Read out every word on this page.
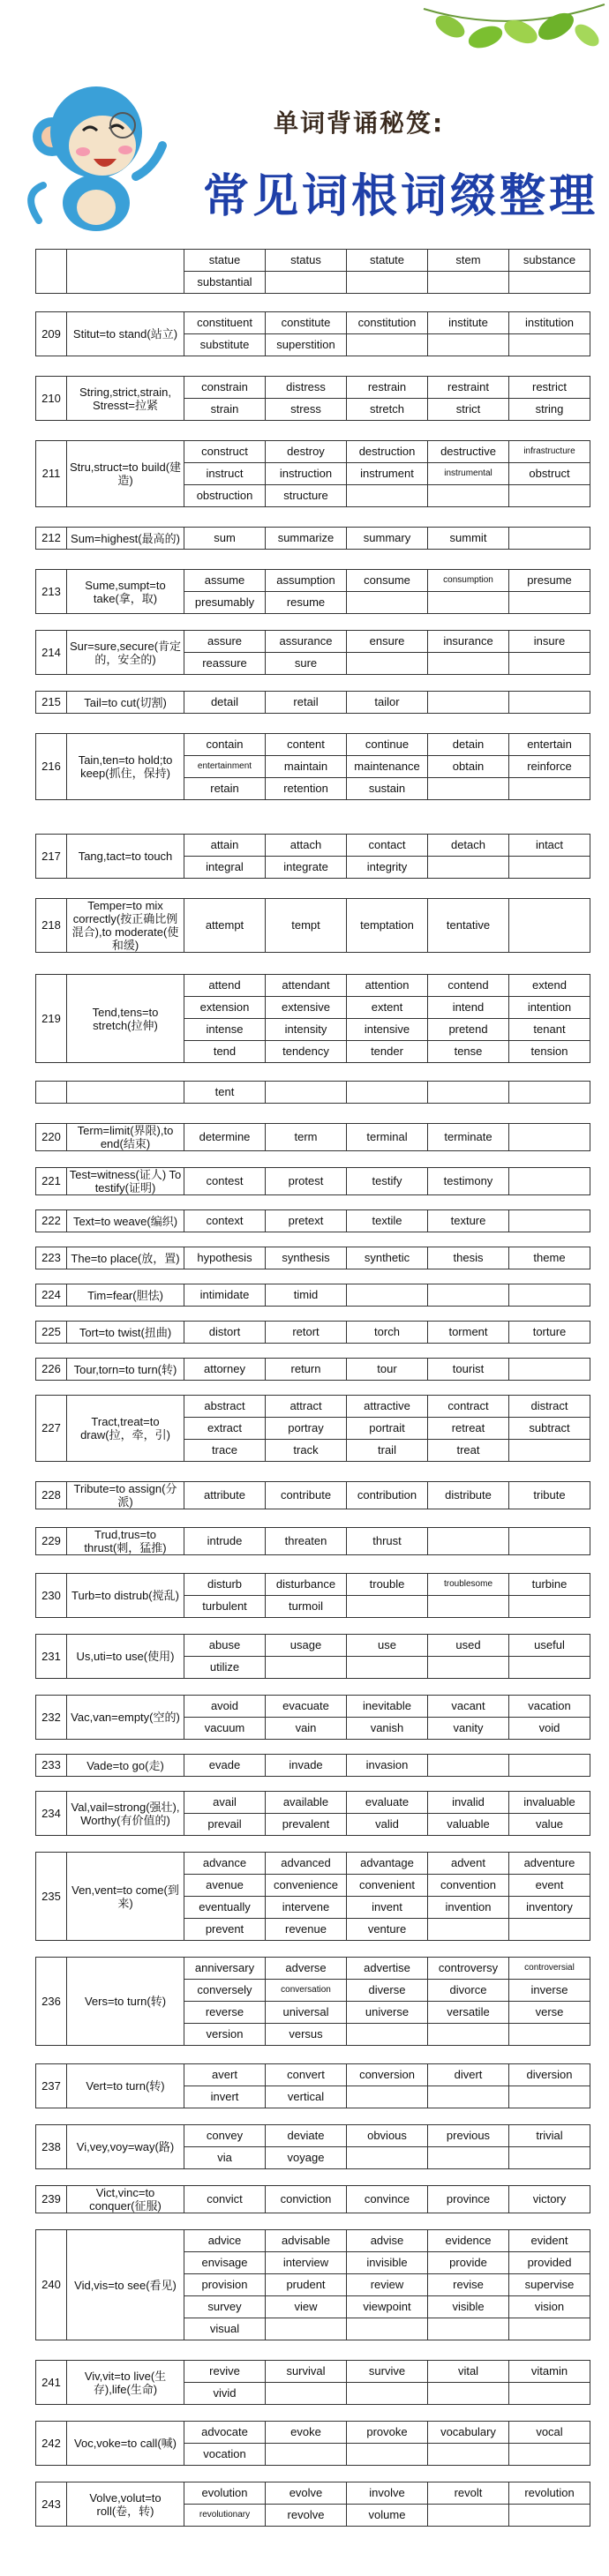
单词背诵秘笈:
常见词根词缀整理
		statue	status	statute	stem	substance
		substantial				
209	Stitut=to stand(站立)	constituent	constitute	constitution	institute	institution
		substitute	superstition			
210	String,strict,strain, Stresst=拉紧	constrain	distress	restrain	restraint	restrict
		strain	stress	stretch	strict	string
211	Stru,struct=to build(建造)	construct	destroy	destruction	destructive	infrastructure
		instruct	instruction	instrument	instrumental	obstruct
		obstruction	structure			
212	Sum=highest(最高的)	sum	summarize	summary	summit	
213	Sume,sumpt=to take(拿，取)	assume	assumption	consume	consumption	presume
		presumably	resume			
214	Sur=sure,secure(肯定的，安全的)	assure	assurance	ensure	insurance	insure
		reassure	sure			
215	Tail=to cut(切割)	detail	retail	tailor		
216	Tain,ten=to hold;to keep(抓住，保持)	contain	content	continue	detain	entertain
		entertainment	maintain	maintenance	obtain	reinforce
		retain	retention	sustain		
217	Tang,tact=to touch	attain	attach	contact	detach	intact
		integral	integrate	integrity		
218	Temper=to mix correctly(按正确比例混合),to moderate(使和缓)	attempt	tempt	temptation	tentative	
219	Tend,tens=to stretch(拉伸)	attend	attendant	attention	contend	extend
		extension	extensive	extent	intend	intention
		intense	intensity	intensive	pretend	tenant
		tend	tendency	tender	tense	tension
		tent				
220	Term=limit(界限),to end(结束)	determine	term	terminal	terminate	
221	Test=witness(证人) To testify(证明)	contest	protest	testify	testimony	
222	Text=to weave(编织)	context	pretext	textile	texture	
223	The=to place(放，置)	hypothesis	synthesis	synthetic	thesis	theme
224	Tim=fear(胆怯)	intimidate	timid			
225	Tort=to twist(扭曲)	distort	retort	torch	torment	torture
226	Tour,torn=to turn(转)	attorney	return	tour	tourist	
227	Tract,treat=to draw(拉，牵，引)	abstract	attract	attractive	contract	distract
		extract	portray	portrait	retreat	subtract
		trace	track	trail	treat	
228	Tribute=to assign(分派)	attribute	contribute	contribution	distribute	tribute
229	Trud,trus=to thrust(刺，猛推)	intrude	threaten	thrust		
230	Turb=to distrub(搅乱)	disturb	disturbance	trouble	troublesome	turbine
		turbulent	turmoil			
231	Us,uti=to use(使用)	abuse	usage	use	used	useful
		utilize				
232	Vac,van=empty(空的)	avoid	evacuate	inevitable	vacant	vacation
		vacuum	vain	vanish	vanity	void
233	Vade=to go(走)	evade	invade	invasion		
234	Val,vail=strong(强壮), Worthy(有价值的)	avail	available	evaluate	invalid	invaluable
		prevail	prevalent	valid	valuable	value
235	Ven,vent=to come(到来)	advance	advanced	advantage	advent	adventure
		avenue	convenience	convenient	convention	event
		eventually	intervene	invent	invention	inventory
		prevent	revenue	venture		
236	Vers=to turn(转)	anniversary	adverse	advertise	controversy	controversial
		conversely	conversation	diverse	divorce	inverse
		reverse	universal	universe	versatile	verse
		version	versus			
237	Vert=to turn(转)	avert	convert	conversion	divert	diversion
		invert	vertical			
238	Vi,vey,voy=way(路)	convey	deviate	obvious	previous	trivial
		via	voyage			
239	Vict,vinc=to conquer(征服)	convict	conviction	convince	province	victory
240	Vid,vis=to see(看见)	advice	advisable	advise	evidence	evident
		envisage	interview	invisible	provide	provided
		provision	prudent	review	revise	supervise
		survey	view	viewpoint	visible	vision
		visual				
241	Viv,vit=to live(生存),life(生命)	revive	survival	survive	vital	vitamin
		vivid				
242	Voc,voke=to call(喊)	advocate	evoke	provoke	vocabulary	vocal
		vocation				
243	Volve,volut=to roll(卷，转)	evolution	evolve	involve	revolt	revolution
		revolutionary	revolve	volume		
